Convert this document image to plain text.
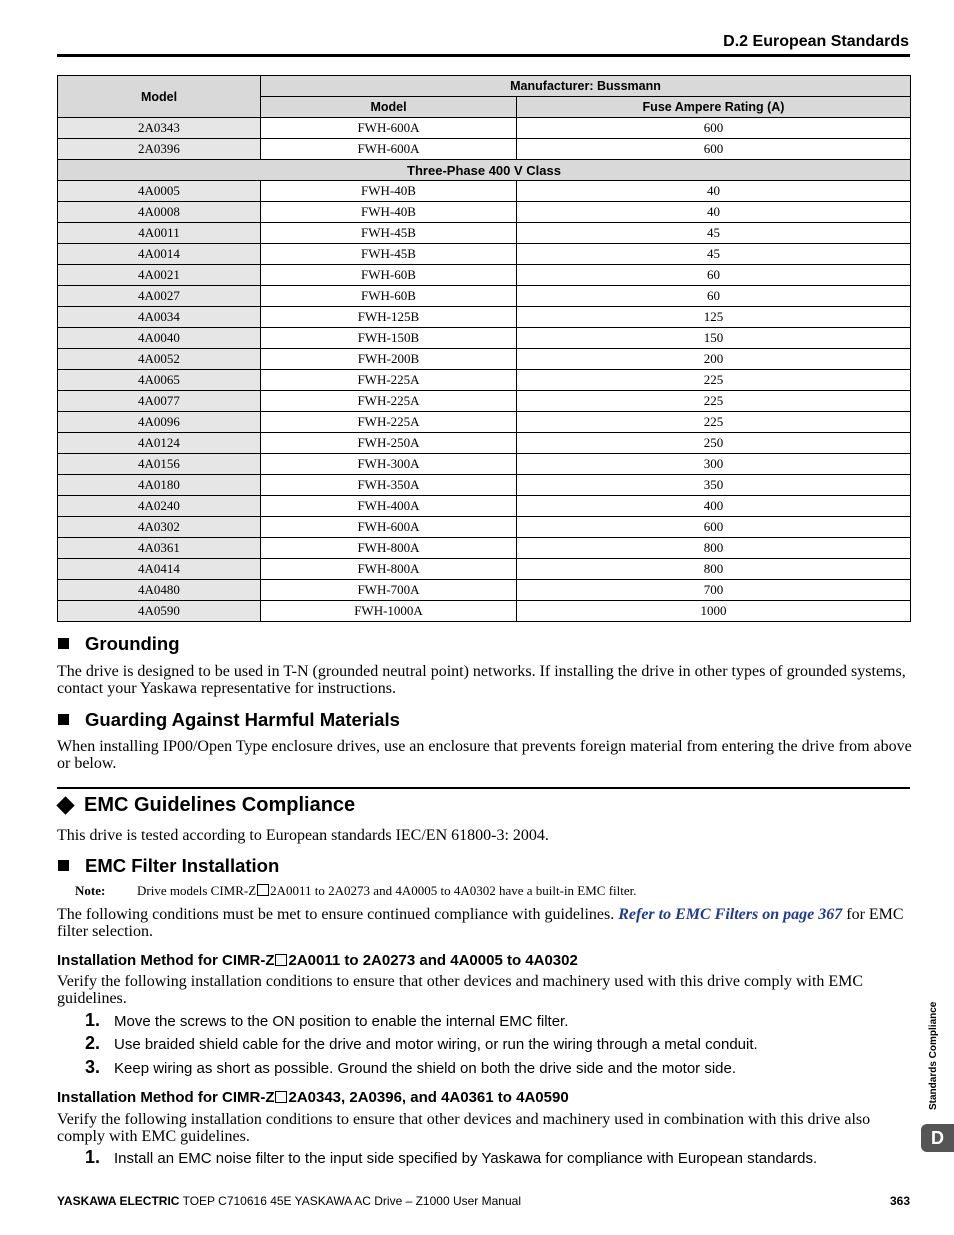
D.2 European Standards
Model	Manufacturer: Bussmann	
	Model	Fuse Ampere Rating (A)
2A0343	FWH-600A	600
2A0396	FWH-600A	600
Three-Phase 400 V Class		
4A0005	FWH-40B	40
4A0008	FWH-40B	40
4A0011	FWH-45B	45
4A0014	FWH-45B	45
4A0021	FWH-60B	60
4A0027	FWH-60B	60
4A0034	FWH-125B	125
4A0040	FWH-150B	150
4A0052	FWH-200B	200
4A0065	FWH-225A	225
4A0077	FWH-225A	225
4A0096	FWH-225A	225
4A0124	FWH-250A	250
4A0156	FWH-300A	300
4A0180	FWH-350A	350
4A0240	FWH-400A	400
4A0302	FWH-600A	600
4A0361	FWH-800A	800
4A0414	FWH-800A	800
4A0480	FWH-700A	700
4A0590	FWH-1000A	1000
Grounding
The drive is designed to be used in T-N (grounded neutral point) networks. If installing the drive in other types of grounded systems, contact your Yaskawa representative for instructions.
Guarding Against Harmful Materials
When installing IP00/Open Type enclosure drives, use an enclosure that prevents foreign material from entering the drive from above or below.
EMC Guidelines Compliance
This drive is tested according to European standards IEC/EN 61800-3: 2004.
EMC Filter Installation
Note: Drive models CIMR-Z 2A0011 to 2A0273 and 4A0005 to 4A0302 have a built-in EMC filter.
The following conditions must be met to ensure continued compliance with guidelines. Refer to EMC Filters on page 367 for EMC filter selection.
Installation Method for CIMR-Z 2A0011 to 2A0273 and 4A0005 to 4A0302
Verify the following installation conditions to ensure that other devices and machinery used with this drive comply with EMC guidelines.
1. Move the screws to the ON position to enable the internal EMC filter.
2. Use braided shield cable for the drive and motor wiring, or run the wiring through a metal conduit.
3. Keep wiring as short as possible. Ground the shield on both the drive side and the motor side.
Installation Method for CIMR-Z 2A0343, 2A0396, and 4A0361 to 4A0590
Verify the following installation conditions to ensure that other devices and machinery used in combination with this drive also comply with EMC guidelines.
1. Install an EMC noise filter to the input side specified by Yaskawa for compliance with European standards.
Standards Compliance
D
YASKAWA ELECTRIC TOEP C710616 45E YASKAWA AC Drive – Z1000 User Manual	363
